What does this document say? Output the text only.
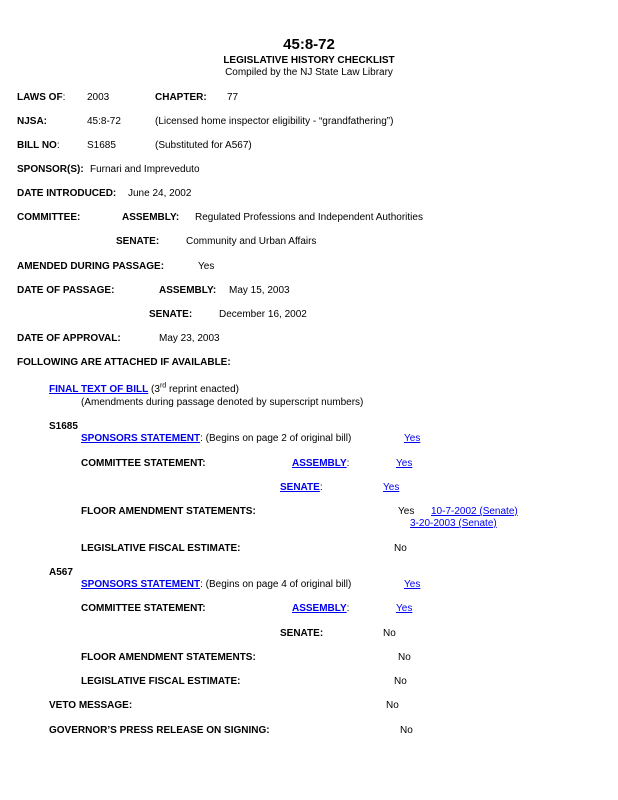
45:8-72
LEGISLATIVE HISTORY CHECKLIST
Compiled by the NJ State Law Library
LAWS OF: 2003	CHAPTER: 77
NJSA:	45:8-72	(Licensed home inspector eligibility - “grandfathering”)
BILL NO:	S1685	(Substituted for A567)
SPONSOR(S): Furnari and Impreveduto
DATE INTRODUCED: June 24, 2002
COMMITTEE:	ASSEMBLY: Regulated Professions and Independent Authorities
SENATE:	Community and Urban Affairs
AMENDED DURING PASSAGE:	Yes
DATE OF PASSAGE:	ASSEMBLY: May 15, 2003
SENATE:	December 16, 2002
DATE OF APPROVAL:	May 23, 2003
FOLLOWING ARE ATTACHED IF AVAILABLE:
FINAL TEXT OF BILL (3rd reprint enacted)
(Amendments during passage denoted by superscript numbers)
S1685
SPONSORS STATEMENT: (Begins on page 2 of original bill)	Yes
COMMITTEE STATEMENT:	ASSEMBLY:	Yes
SENATE:	Yes
FLOOR AMENDMENT STATEMENTS:	Yes 10-7-2002 (Senate)
3-20-2003 (Senate)
LEGISLATIVE FISCAL ESTIMATE:	No
A567
SPONSORS STATEMENT: (Begins on page 4 of original bill)	Yes
COMMITTEE STATEMENT:	ASSEMBLY:	Yes
SENATE:	No
FLOOR AMENDMENT STATEMENTS:	No
LEGISLATIVE FISCAL ESTIMATE:	No
VETO MESSAGE:	No
GOVERNOR’S PRESS RELEASE ON SIGNING:	No
